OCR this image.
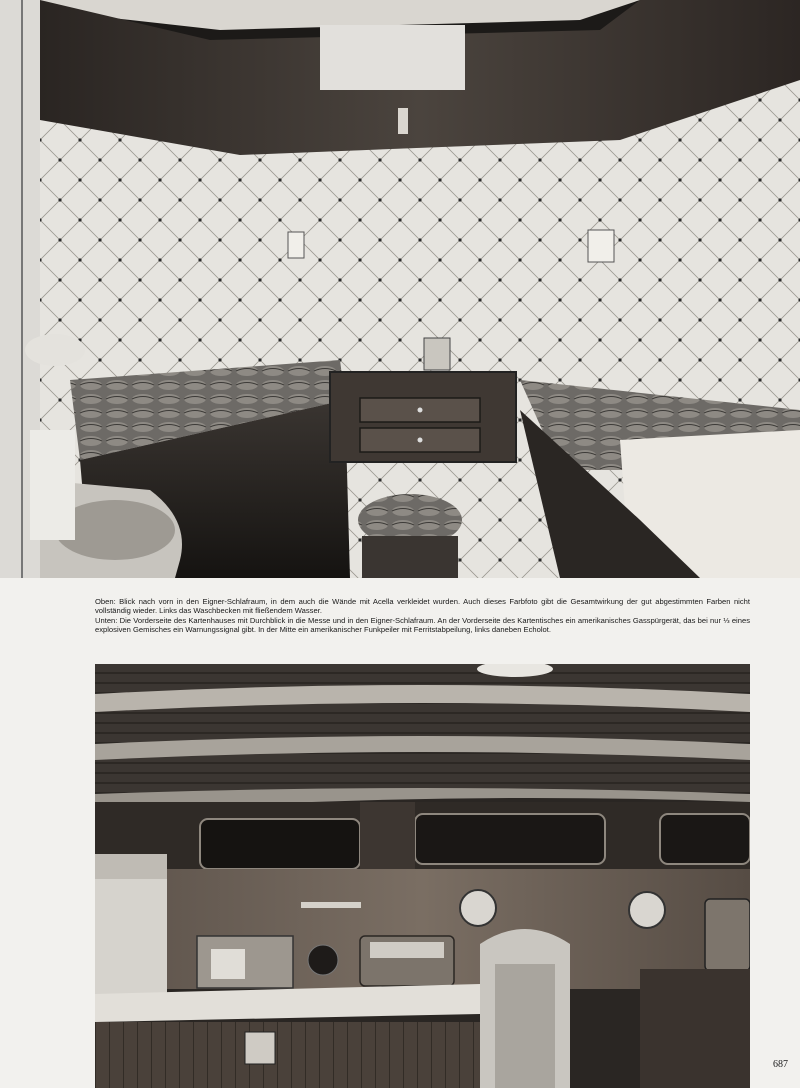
Oben: Blick nach vorn in den Eigner-Schlafraum, in dem auch die Wände mit Acella verkleidet wurden. Auch dieses Farbfoto gibt die Gesamtwirkung der gut abgestimmten Farben nicht vollständig wieder. Links das Waschbecken mit fließendem Wasser.

Unten: Die Vorderseite des Kartenhauses mit Durchblick in die Messe und in den Eigner-Schlafraum. An der Vorderseite des Kartentisches ein amerikanisches Gasspürgerät, das bei nur ⅓ eines explosiven Gemisches ein Warnungssignal gibt. In der Mitte ein amerikanischer Funkpeiler mit Ferritstabpeilung, links daneben Echolot.

687
